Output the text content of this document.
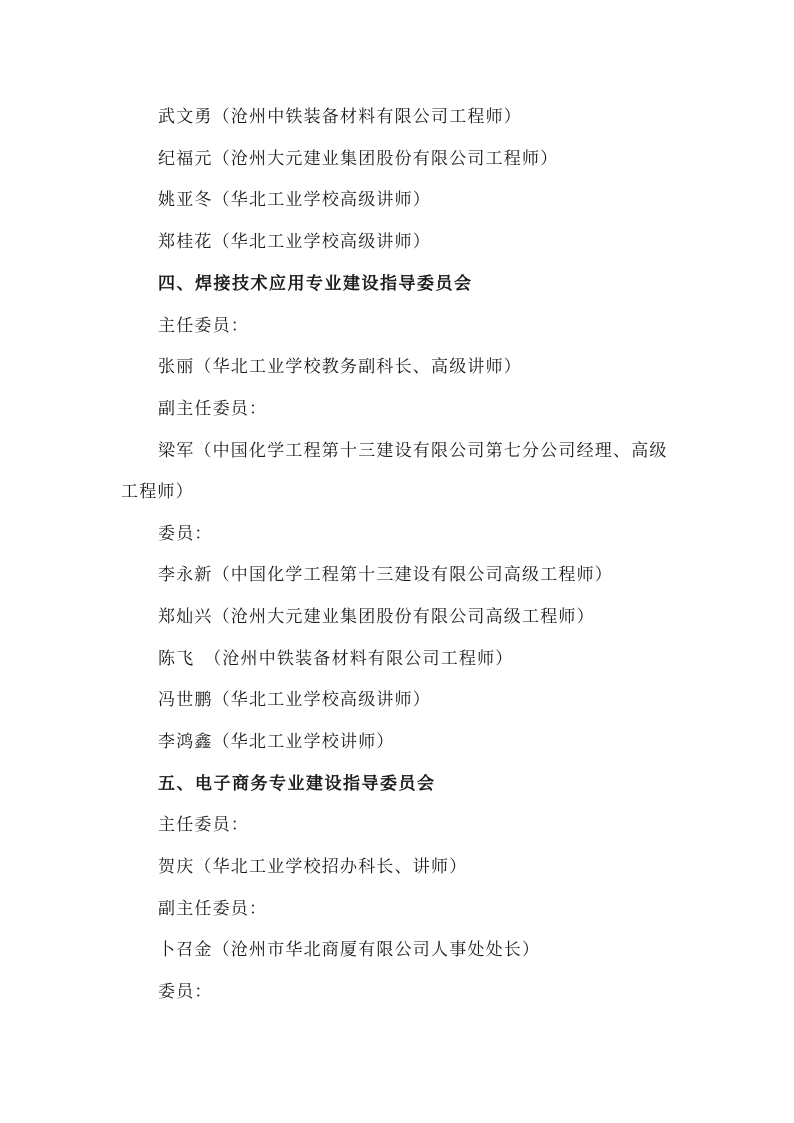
武文勇（沧州中铁装备材料有限公司工程师）
纪福元（沧州大元建业集团股份有限公司工程师）
姚亚冬（华北工业学校高级讲师）
郑桂花（华北工业学校高级讲师）
四、焊接技术应用专业建设指导委员会
主任委员：
张丽（华北工业学校教务副科长、高级讲师）
副主任委员：
梁军（中国化学工程第十三建设有限公司第七分公司经理、高级
工程师）
委员：
李永新（中国化学工程第十三建设有限公司高级工程师）
郑灿兴（沧州大元建业集团股份有限公司高级工程师）
陈飞　（沧州中铁装备材料有限公司工程师）
冯世鹏（华北工业学校高级讲师）
李鸿鑫（华北工业学校讲师）
五、电子商务专业建设指导委员会
主任委员：
贺庆（华北工业学校招办科长、讲师）
副主任委员：
卜召金（沧州市华北商厦有限公司人事处处长）
委员：
